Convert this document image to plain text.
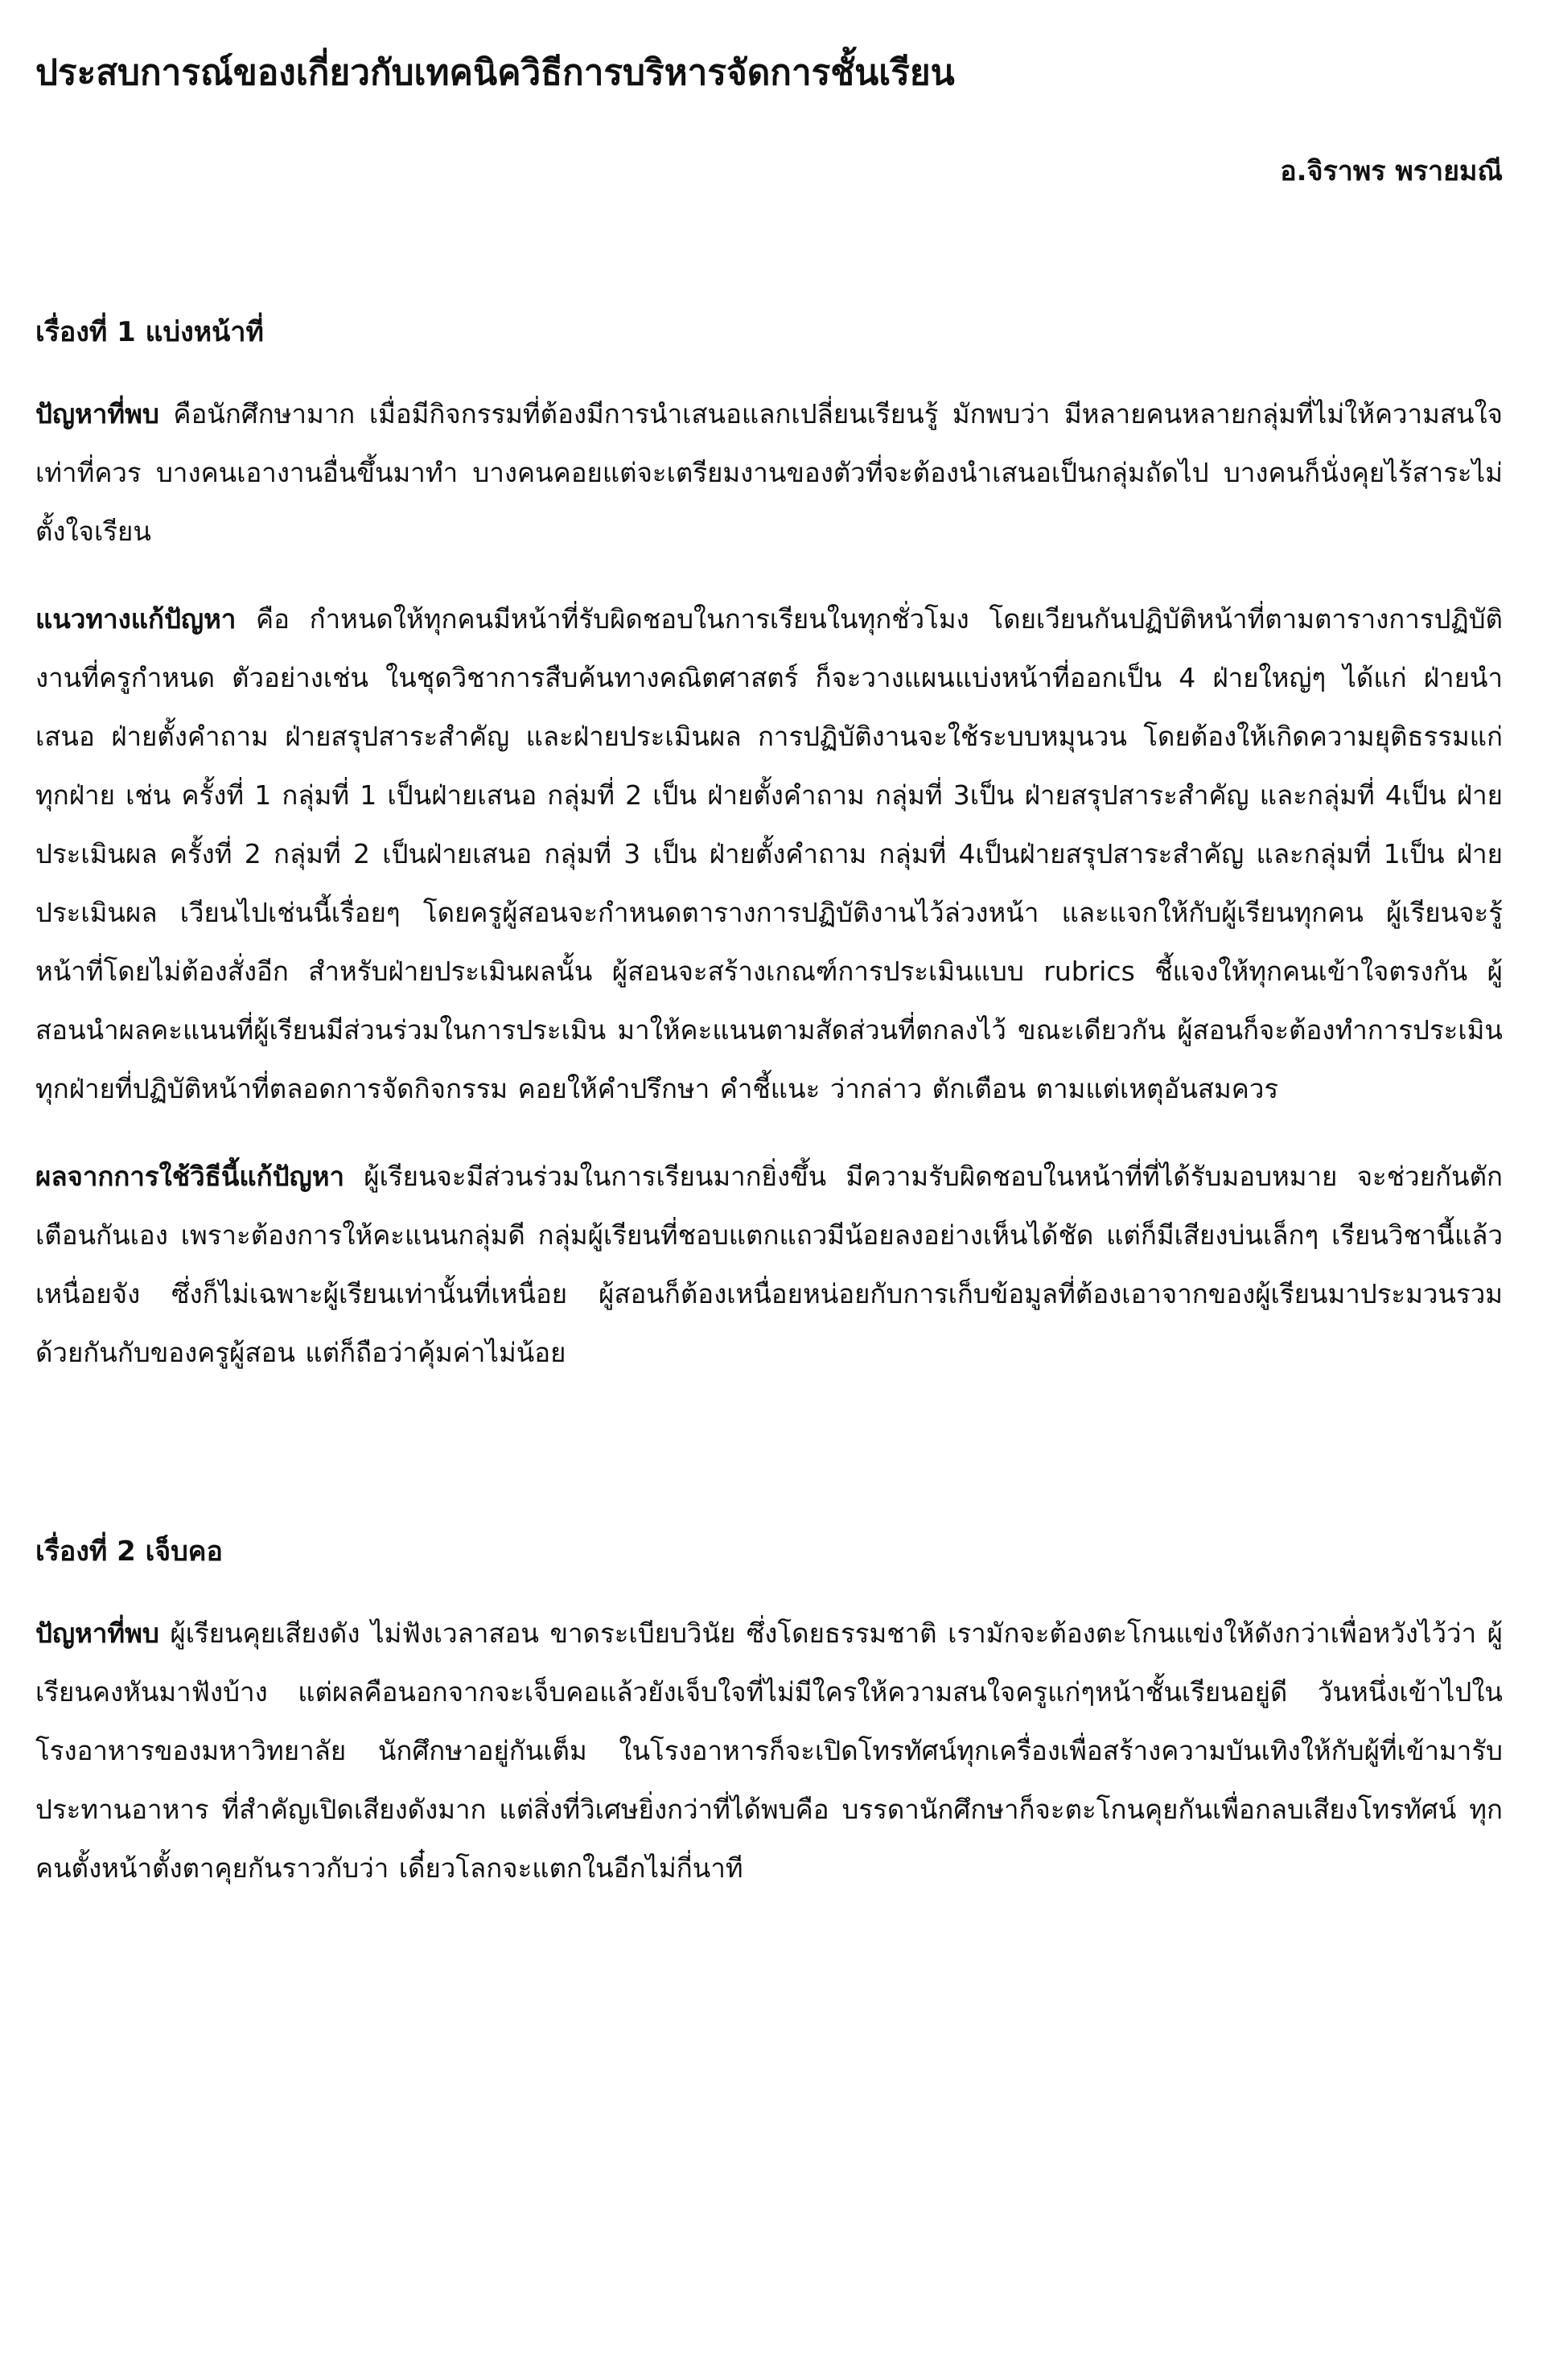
ประสบการณ์ของเกี่ยวกับเทคนิควิธีการบริหารจัดการชั้นเรียน

อ.จิราพร พรายมณี

เรื่องที่ 1 แบ่งหน้าที่

ปัญหาที่พบ คือนักศึกษามาก เมื่อมีกิจกรรมที่ต้องมีการนำเสนอแลกเปลี่ยนเรียนรู้ มักพบว่า มีหลายคนหลายกลุ่มที่ไม่ให้ความสนใจเท่าที่ควร บางคนเอางานอื่นขึ้นมาทำ บางคนคอยแต่จะเตรียมงานของตัวที่จะต้องนำเสนอเป็นกลุ่มถัดไป บางคนก็นั่งคุยไร้สาระไม่ตั้งใจเรียน

แนวทางแก้ปัญหา คือ กำหนดให้ทุกคนมีหน้าที่รับผิดชอบในการเรียนในทุกชั่วโมง โดยเวียนกันปฏิบัติหน้าที่ตามตารางการปฏิบัติงานที่ครูกำหนด ตัวอย่างเช่น ในชุดวิชาการสืบค้นทางคณิตศาสตร์ ก็จะวางแผนแบ่งหน้าที่ออกเป็น 4 ฝ่ายใหญ่ๆ ได้แก่ ฝ่ายนำเสนอ ฝ่ายตั้งคำถาม ฝ่ายสรุปสาระสำคัญ และฝ่ายประเมินผล การปฏิบัติงานจะใช้ระบบหมุนวน โดยต้องให้เกิดความยุติธรรมแก่ทุกฝ่าย เช่น ครั้งที่ 1 กลุ่มที่ 1 เป็นฝ่ายเสนอ กลุ่มที่ 2 เป็น ฝ่ายตั้งคำถาม กลุ่มที่ 3เป็น ฝ่ายสรุปสาระสำคัญ และกลุ่มที่ 4เป็น ฝ่ายประเมินผล ครั้งที่ 2 กลุ่มที่ 2 เป็นฝ่ายเสนอ กลุ่มที่ 3 เป็น ฝ่ายตั้งคำถาม กลุ่มที่ 4เป็นฝ่ายสรุปสาระสำคัญ และกลุ่มที่ 1เป็น ฝ่ายประเมินผล เวียนไปเช่นนี้เรื่อยๆ โดยครูผู้สอนจะกำหนดตารางการปฏิบัติงานไว้ล่วงหน้า และแจกให้กับผู้เรียนทุกคน ผู้เรียนจะรู้หน้าที่โดยไม่ต้องสั่งอีก สำหรับฝ่ายประเมินผลนั้น ผู้สอนจะสร้างเกณฑ์การประเมินแบบ rubrics ชี้แจงให้ทุกคนเข้าใจตรงกัน ผู้สอนนำผลคะแนนที่ผู้เรียนมีส่วนร่วมในการประเมิน มาให้คะแนนตามสัดส่วนที่ตกลงไว้ ขณะเดียวกัน ผู้สอนก็จะต้องทำการประเมินทุกฝ่ายที่ปฏิบัติหน้าที่ตลอดการจัดกิจกรรม คอยให้คำปรึกษา คำชี้แนะ ว่ากล่าว ตักเตือน ตามแต่เหตุอันสมควร

ผลจากการใช้วิธีนี้แก้ปัญหา ผู้เรียนจะมีส่วนร่วมในการเรียนมากยิ่งขึ้น มีความรับผิดชอบในหน้าที่ที่ได้รับมอบหมาย จะช่วยกันตักเตือนกันเอง เพราะต้องการให้คะแนนกลุ่มดี กลุ่มผู้เรียนที่ชอบแตกแถวมีน้อยลงอย่างเห็นได้ชัด แต่ก็มีเสียงบ่นเล็กๆ เรียนวิชานี้แล้วเหนื่อยจัง ซึ่งก็ไม่เฉพาะผู้เรียนเท่านั้นที่เหนื่อย ผู้สอนก็ต้องเหนื่อยหน่อยกับการเก็บข้อมูลที่ต้องเอาจากของผู้เรียนมาประมวนรวมด้วยกันกับของครูผู้สอน แต่ก็ถือว่าคุ้มค่าไม่น้อย

เรื่องที่ 2 เจ็บคอ

ปัญหาที่พบ ผู้เรียนคุยเสียงดัง ไม่ฟังเวลาสอน ขาดระเบียบวินัย ซึ่งโดยธรรมชาติ เรามักจะต้องตะโกนแข่งให้ดังกว่าเพื่อหวังไว้ว่า ผู้เรียนคงหันมาฟังบ้าง แต่ผลคือนอกจากจะเจ็บคอแล้วยังเจ็บใจที่ไม่มีใครให้ความสนใจครูแก่ๆหน้าชั้นเรียนอยู่ดี วันหนึ่งเข้าไปในโรงอาหารของมหาวิทยาลัย นักศึกษาอยู่กันเต็ม ในโรงอาหารก็จะเปิดโทรทัศน์ทุกเครื่องเพื่อสร้างความบันเทิงให้กับผู้ที่เข้ามารับประทานอาหาร ที่สำคัญเปิดเสียงดังมาก แต่สิ่งที่วิเศษยิ่งกว่าที่ได้พบคือ บรรดานักศึกษาก็จะตะโกนคุยกันเพื่อกลบเสียงโทรทัศน์ ทุกคนตั้งหน้าตั้งตาคุยกันราวกับว่า เดี๋ยวโลกจะแตกในอีกไม่กี่นาที
